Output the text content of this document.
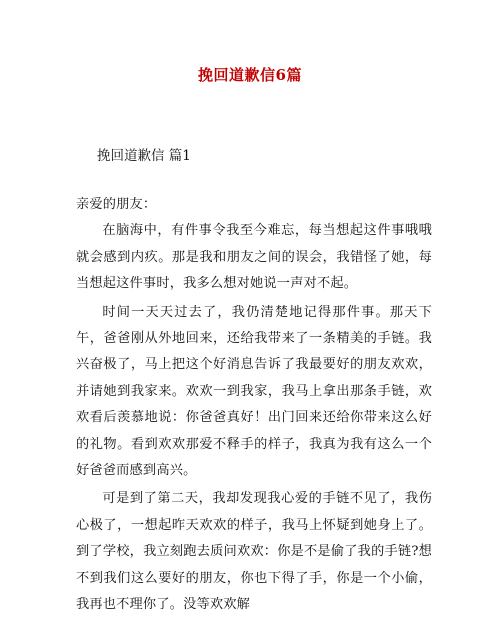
挽回道歉信6篇
挽回道歉信 篇1

亲爱的朋友：

在脑海中，有件事令我至今难忘，每当想起这件事哦哦就会感到内疚。那是我和朋友之间的误会，我错怪了她，每当想起这件事时，我多么想对她说一声对不起。

时间一天天过去了，我仍清楚地记得那件事。那天下午，爸爸刚从外地回来，还给我带来了一条精美的手链。我兴奋极了，马上把这个好消息告诉了我最要好的朋友欢欢，并请她到我家来。欢欢一到我家，我马上拿出那条手链，欢欢看后羡慕地说：你爸爸真好！出门回来还给你带来这么好的礼物。看到欢欢那爱不释手的样子，我真为我有这么一个好爸爸而感到高兴。

可是到了第二天，我却发现我心爱的手链不见了，我伤心极了，一想起昨天欢欢的样子，我马上怀疑到她身上了。到了学校，我立刻跑去质问欢欢：你是不是偷了我的手链?想不到我们这么要好的朋友，你也下得了手，你是一个小偷，我再也不理你了。没等欢欢解
